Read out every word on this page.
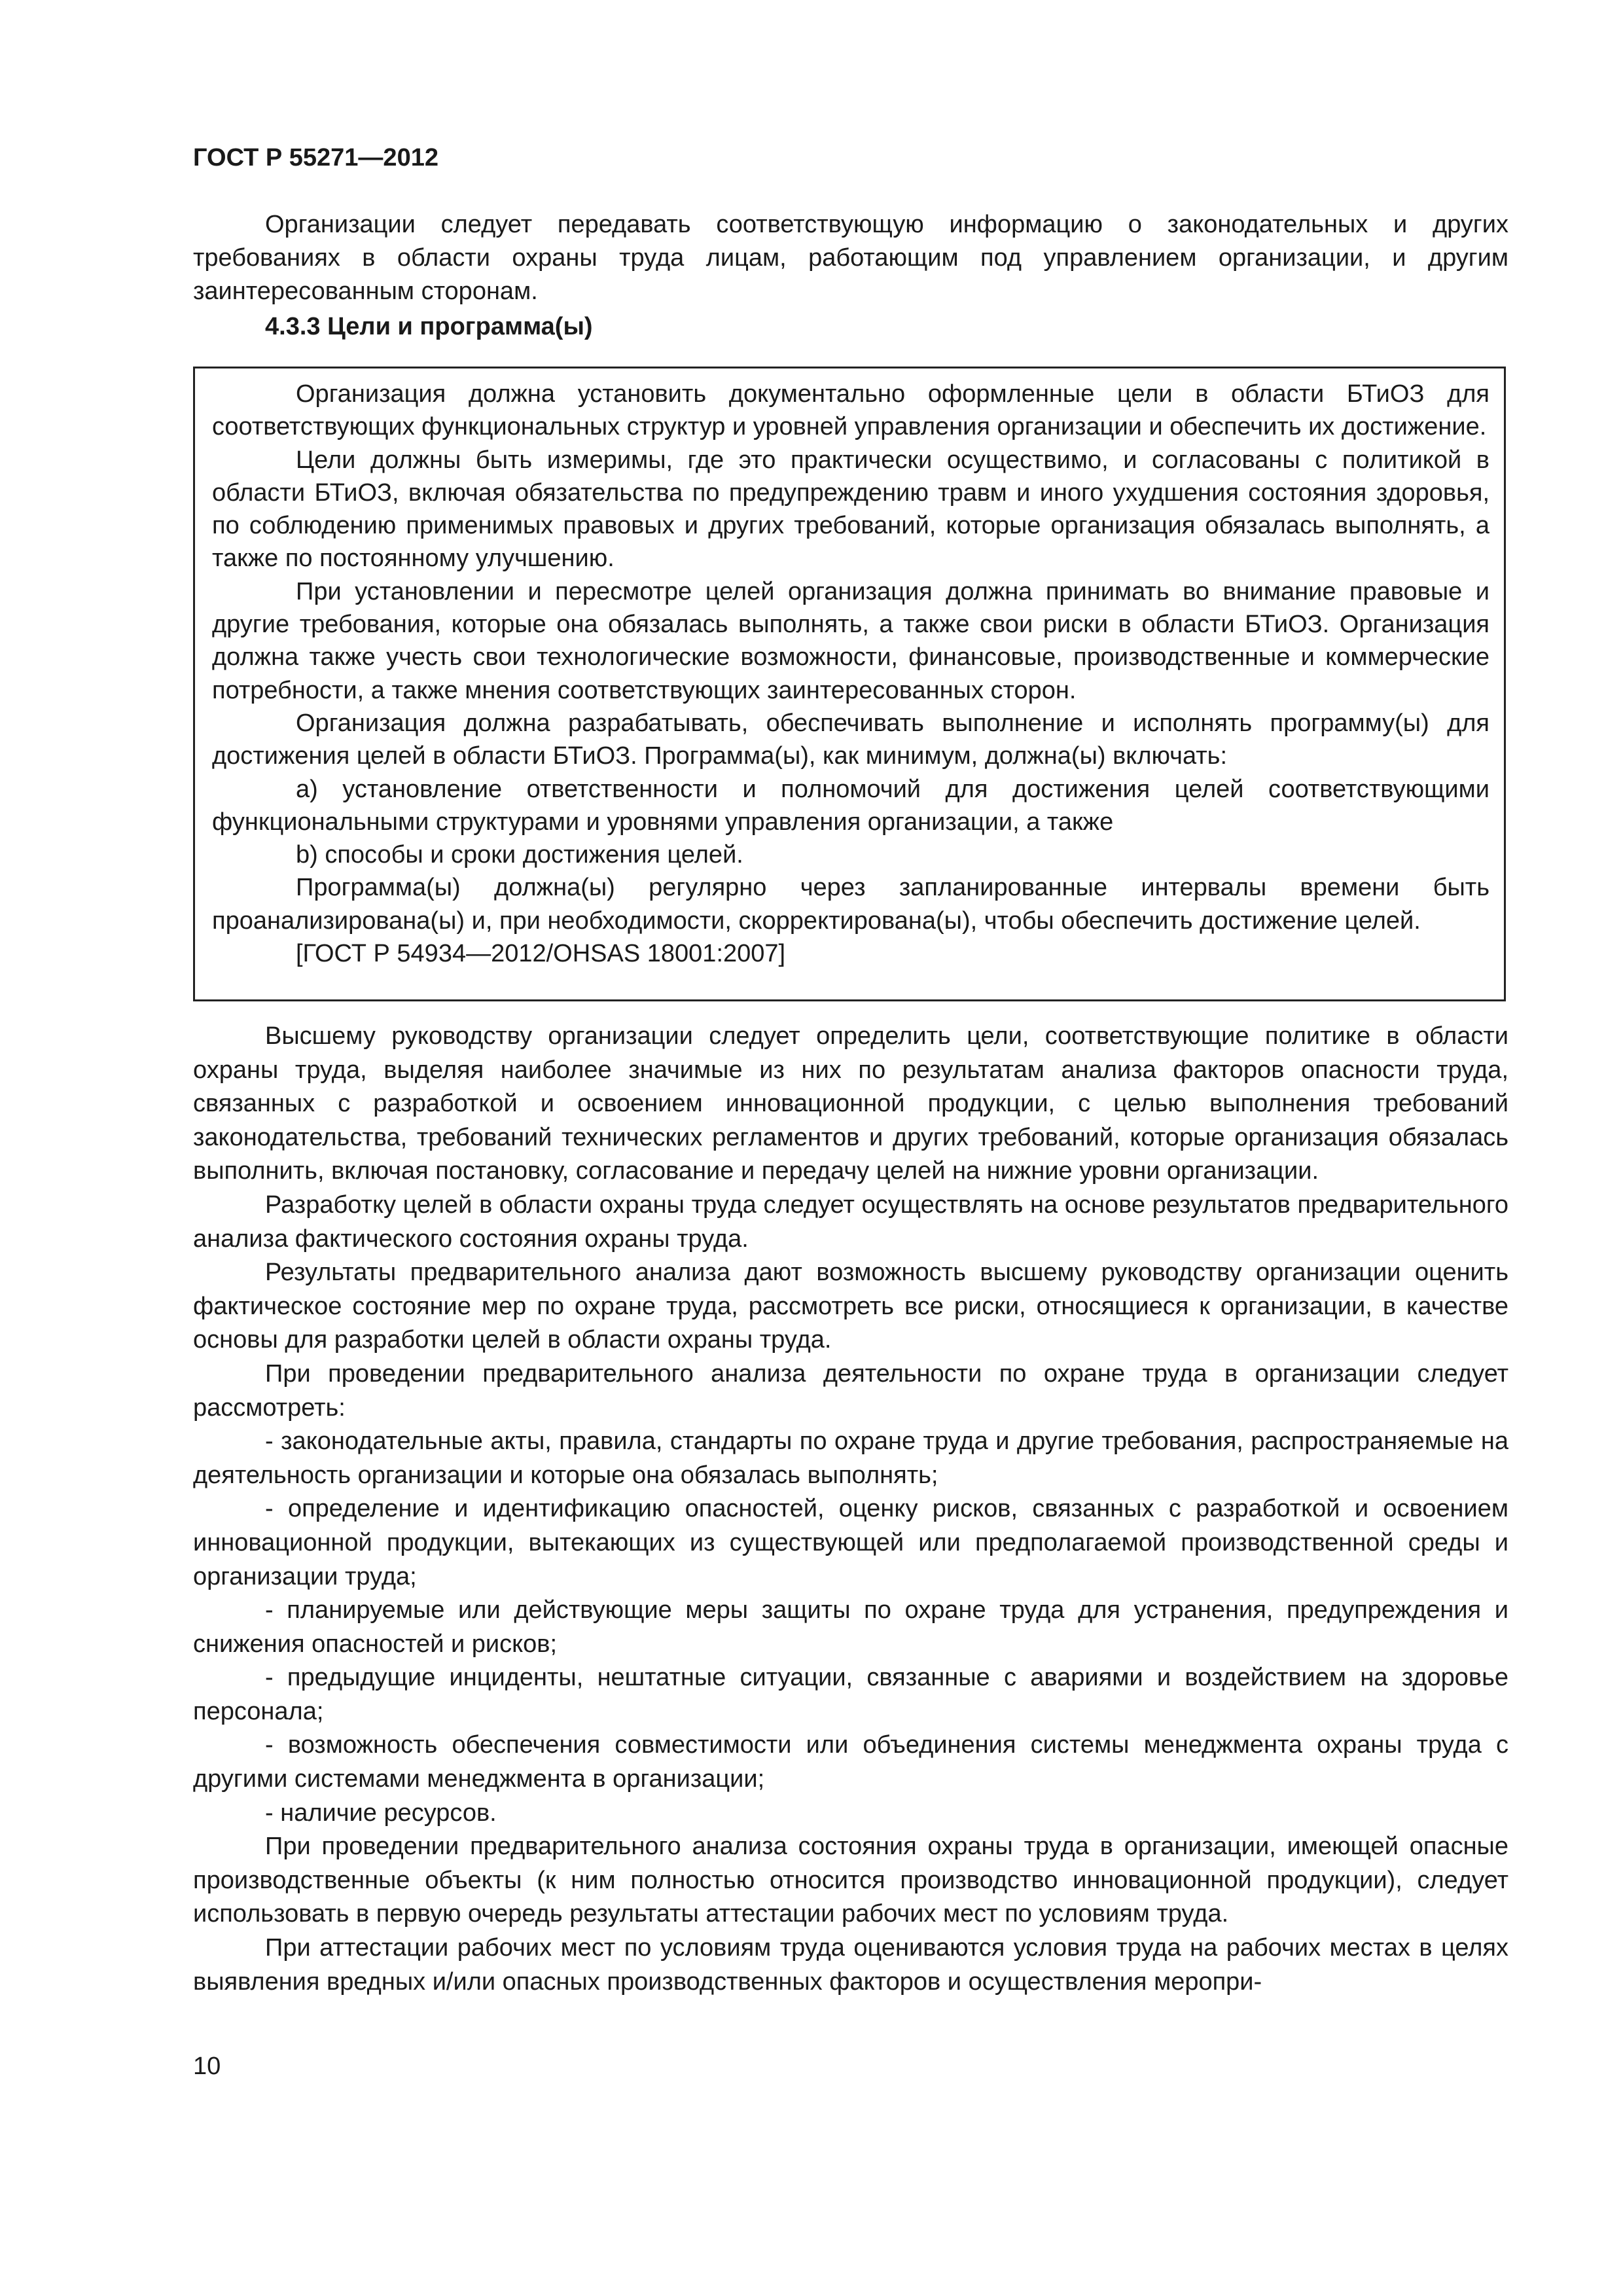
ГОСТ Р 55271—2012

Организации следует передавать соответствующую информацию о законодательных и других требованиях в области охраны труда лицам, работающим под управлением организации, и другим заинтересованным сторонам.

4.3.3 Цели и программа(ы)

Организация должна установить документально оформленные цели в области БТиОЗ для соответствующих функциональных структур и уровней управления организации и обеспечить их достижение.

Цели должны быть измеримы, где это практически осуществимо, и согласованы с политикой в области БТиОЗ, включая обязательства по предупреждению травм и иного ухудшения состояния здоровья, по соблюдению применимых правовых и других требований, которые организация обязалась выполнять, а также по постоянному улучшению.

При установлении и пересмотре целей организация должна принимать во внимание правовые и другие требования, которые она обязалась выполнять, а также свои риски в области БТиОЗ. Организация должна также учесть свои технологические возможности, финансовые, производственные и коммерческие потребности, а также мнения соответствующих заинтересованных сторон.

Организация должна разрабатывать, обеспечивать выполнение и исполнять программу(ы) для достижения целей в области БТиОЗ. Программа(ы), как минимум, должна(ы) включать:

a) установление ответственности и полномочий для достижения целей соответствующими функциональными структурами и уровнями управления организации, а также

b) способы и сроки достижения целей.

Программа(ы) должна(ы) регулярно через запланированные интервалы времени быть проанализирована(ы) и, при необходимости, скорректирована(ы), чтобы обеспечить достижение целей.

[ГОСТ Р 54934—2012/OHSAS 18001:2007]

Высшему руководству организации следует определить цели, соответствующие политике в области охраны труда, выделяя наиболее значимые из них по результатам анализа факторов опасности труда, связанных с разработкой и освоением инновационной продукции, с целью выполнения требований законодательства, требований технических регламентов и других требований, которые организация обязалась выполнить, включая постановку, согласование и передачу целей на нижние уровни организации.

Разработку целей в области охраны труда следует осуществлять на основе результатов предварительного анализа фактического состояния охраны труда.

Результаты предварительного анализа дают возможность высшему руководству организации оценить фактическое состояние мер по охране труда, рассмотреть все риски, относящиеся к организации, в качестве основы для разработки целей в области охраны труда.

При проведении предварительного анализа деятельности по охране труда в организации следует рассмотреть:

- законодательные акты, правила, стандарты по охране труда и другие требования, распространяемые на деятельность организации и которые она обязалась выполнять;

- определение и идентификацию опасностей, оценку рисков, связанных с разработкой и освоением инновационной продукции, вытекающих из существующей или предполагаемой производственной среды и организации труда;

- планируемые или действующие меры защиты по охране труда для устранения, предупреждения и снижения опасностей и рисков;

- предыдущие инциденты, нештатные ситуации, связанные с авариями и воздействием на здоровье персонала;

- возможность обеспечения совместимости или объединения системы менеджмента охраны труда с другими системами менеджмента в организации;

- наличие ресурсов.

При проведении предварительного анализа состояния охраны труда в организации, имеющей опасные производственные объекты (к ним полностью относится производство инновационной продукции), следует использовать в первую очередь результаты аттестации рабочих мест по условиям труда.

При аттестации рабочих мест по условиям труда оцениваются условия труда на рабочих местах в целях выявления вредных и/или опасных производственных факторов и осуществления меропри-

10
